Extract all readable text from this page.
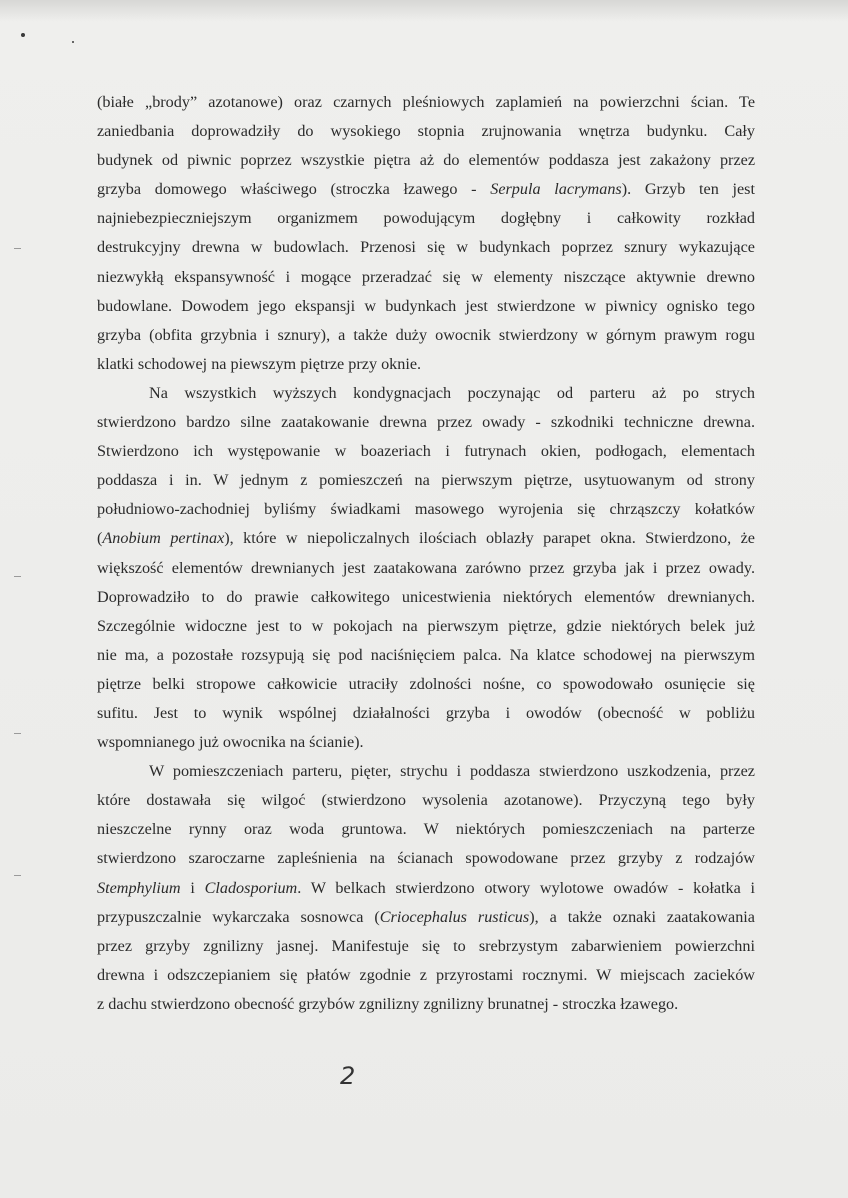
(białe „brody” azotanowe) oraz czarnych pleśniowych zaplamień na powierzchni ścian. Te

zaniedbania doprowadziły do wysokiego stopnia zrujnowania wnętrza budynku. Cały

budynek od piwnic poprzez wszystkie piętra aż do elementów poddasza jest zakażony przez

grzyba domowego właściwego (stroczka łzawego - Serpula lacrymans). Grzyb ten jest

najniebezpieczniejszym organizmem powodującym dogłębny i całkowity rozkład

destrukcyjny drewna w budowlach. Przenosi się w budynkach poprzez sznury wykazujące

niezwykłą ekspansywność i mogące przeradzać się w elementy niszczące aktywnie drewno

budowlane. Dowodem jego ekspansji w budynkach jest stwierdzone w piwnicy ognisko tego

grzyba (obfita grzybnia i sznury), a także duży owocnik stwierdzony w górnym prawym rogu

klatki schodowej na piewszym piętrze przy oknie.

Na wszystkich wyższych kondygnacjach poczynając od parteru aż po strych

stwierdzono bardzo silne zaatakowanie drewna przez owady - szkodniki techniczne drewna.

Stwierdzono ich występowanie w boazeriach i futrynach okien, podłogach, elementach

poddasza i in. W jednym z pomieszczeń na pierwszym piętrze, usytuowanym od strony

południowo-zachodniej byliśmy świadkami masowego wyrojenia się chrząszczy kołatków

(Anobium pertinax), które w niepoliczalnych ilościach oblazły parapet okna. Stwierdzono, że

większość elementów drewnianych jest zaatakowana zarówno przez grzyba jak i przez owady.

Doprowadziło to do prawie całkowitego unicestwienia niektórych elementów drewnianych.

Szczególnie widoczne jest to w pokojach na pierwszym piętrze, gdzie niektórych belek już

nie ma, a pozostałe rozsypują się pod naciśnięciem palca. Na klatce schodowej na pierwszym

piętrze belki stropowe całkowicie utraciły zdolności nośne, co spowodowało osunięcie się

sufitu. Jest to wynik wspólnej działalności grzyba i owodów (obecność w pobliżu

wspomnianego już owocnika na ścianie).

W pomieszczeniach parteru, pięter, strychu i poddasza stwierdzono uszkodzenia, przez

które dostawała się wilgoć (stwierdzono wysolenia azotanowe). Przyczyną tego były

nieszczelne rynny oraz woda gruntowa. W niektórych pomieszczeniach na parterze

stwierdzono szaroczarne zapleśnienia na ścianach spowodowane przez grzyby z rodzajów

Stemphylium i Cladosporium. W belkach stwierdzono otwory wylotowe owadów - kołatka i

przypuszczalnie wykarczaka sosnowca (Criocephalus rusticus), a także oznaki zaatakowania

przez grzyby zgnilizny jasnej. Manifestuje się to srebrzystym zabarwieniem powierzchni

drewna i odszczepianiem się płatów zgodnie z przyrostami rocznymi. W miejscach zacieków

z dachu stwierdzono obecność grzybów zgnilizny zgnilizny brunatnej - stroczka łzawego.

2
